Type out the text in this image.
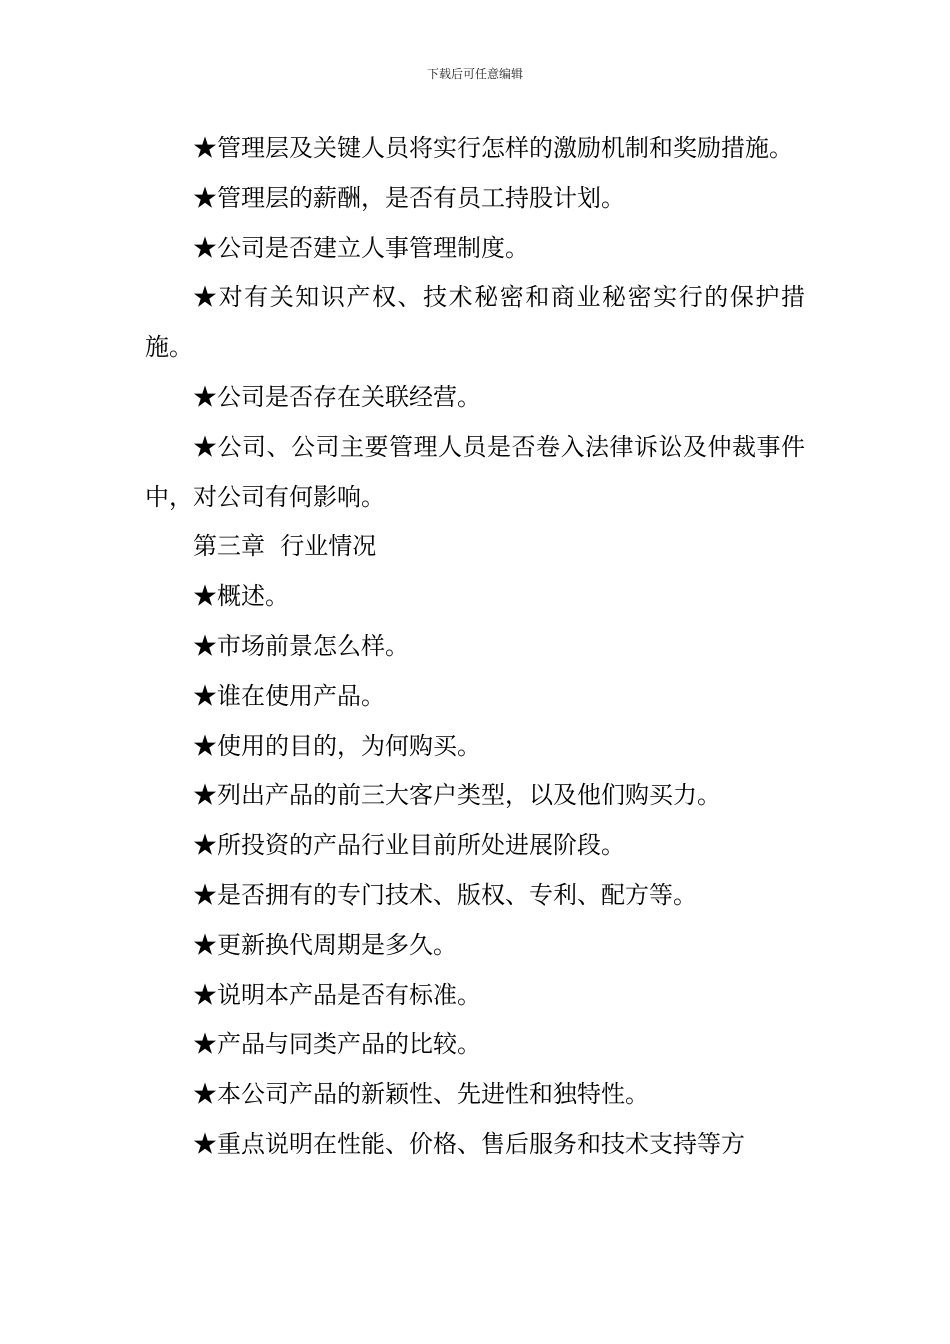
下载后可任意编辑

★管理层及关键人员将实行怎样的激励机制和奖励措施。

★管理层的薪酬，是否有员工持股计划。

★公司是否建立人事管理制度。

★对有关知识产权、技术秘密和商业秘密实行的保护措施。

★公司是否存在关联经营。

★公司、公司主要管理人员是否卷入法律诉讼及仲裁事件中，对公司有何影响。

第三章  行业情况

★概述。

★市场前景怎么样。

★谁在使用产品。

★使用的目的，为何购买。

★列出产品的前三大客户类型，以及他们购买力。

★所投资的产品行业目前所处进展阶段。

★是否拥有的专门技术、版权、专利、配方等。

★更新换代周期是多久。

★说明本产品是否有标准。

★产品与同类产品的比较。

★本公司产品的新颖性、先进性和独特性。

★重点说明在性能、价格、售后服务和技术支持等方
